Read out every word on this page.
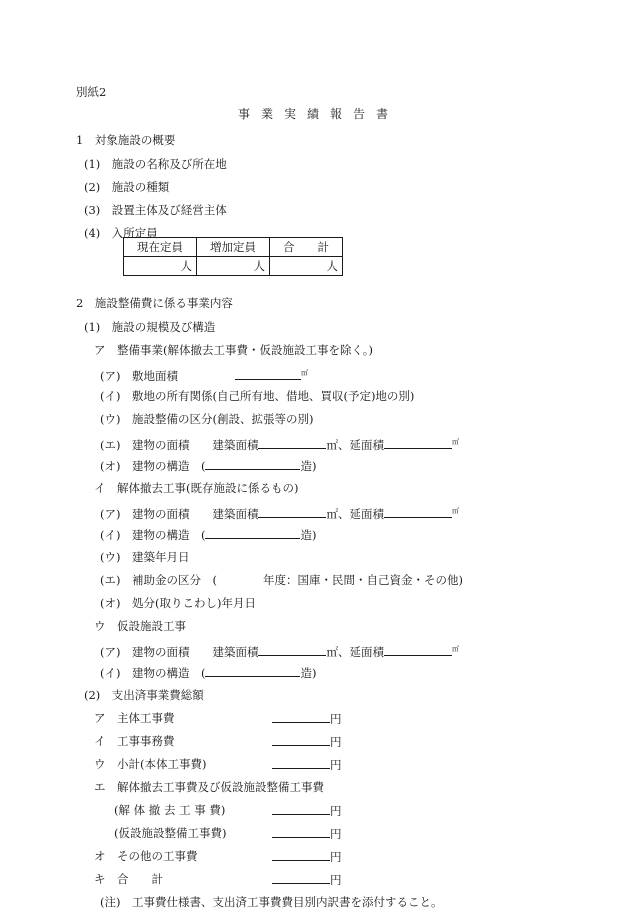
別紙2
事業実績報告書
1　対象施設の概要
(1)　施設の名称及び所在地
(2)　施設の種類
(3)　設置主体及び経営主体
(4)　入所定員
現在定員	増加定員	合　　計
人	人	人
2　施設整備費に係る事業内容
(1)　施設の規模及び構造
ア　整備事業(解体撤去工事費・仮設施設工事を除く。)
(ア)　敷地面積	㎡
(イ)　敷地の所有関係(自己所有地、借地、買収(予定)地の別)
(ウ)　施設整備の区分(創設、拡張等の別)
(エ)　建物の面積　　建築面積	㎡、延面積	㎡
(オ)　建物の構造　(	造)
イ　解体撤去工事(既存施設に係るもの)
(ア)　建物の面積　　建築面積	㎡、延面積	㎡
(イ)　建物の構造　(	造)
(ウ)　建築年月日
(エ)　補助金の区分　(　　　　年度：国庫・民間・自己資金・その他)
(オ)　処分(取りこわし)年月日
ウ　仮設施設工事
(ア)　建物の面積　　建築面積	㎡、延面積	㎡
(イ)　建物の構造　(	造)
(2)　支出済事業費総額
ア　主体工事費	円
イ　工事事務費	円
ウ　小計(本体工事費)	円
エ　解体撤去工事費及び仮設施設整備工事費
(解 体 撤 去 工 事 費)	円
(仮設施設整備工事費)	円
オ　その他の工事費	円
キ　合　　計	円
(注)　工事費仕様書、支出済工事費費目別内訳書を添付すること。
